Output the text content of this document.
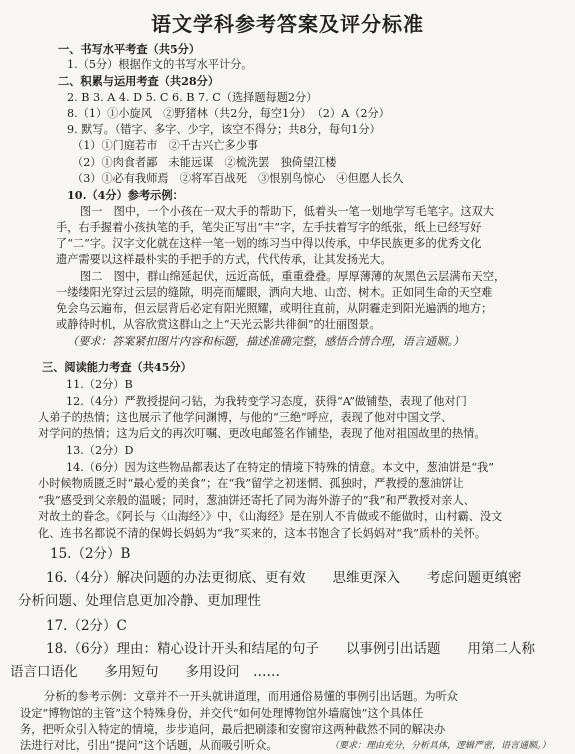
语文学科参考答案及评分标准
一、书写水平考查（共5分）
1.（5分）根据作文的书写水平计分。
二、积累与运用考查（共28分）
2. B 3. A 4. D 5. C 6. B 7. C（选择题每题2分）
8.（1）①小旋风　②野猪林（共2分，每空1分）　（2）A（2分）
9. 默写。（错字、多字、少字，该空不得分；共8分，每句1分）
（1）①门庭若市　②千古兴亡多少事
（2）①肉食者鄙　未能远谋　②梳洗罢　独倚望江楼
（3）①必有我师焉　②将军百战死　③恨别鸟惊心　④但愿人长久
10.（4分）参考示例：
图一　图中，一个小孩在一双大手的帮助下，低着头一笔一划地学写毛笔字。这双大
手，右手握着小孩执笔的手，笔尖正写出“丰”字，左手扶着写字的纸张，纸上已经写好
了“二”字。汉字文化就在这样一笔一划的练习当中得以传承，中华民族更多的优秀文化
遗产需要以这样最朴实的手把手的方式，代代传承，让其发扬光大。
图二　图中，群山绵延起伏，远近高低，重重叠叠。厚厚薄薄的灰黑色云层满布天空，
一缕缕阳光穿过云层的缝隙，明亮而耀眼，洒向大地、山峦、树木。正如同生命的天空难
免会乌云遍布，但云层背后必定有阳光照耀，或明往直前，从阴霾走到阳光遍洒的地方；
或静待时机，从容欣赏这群山之上“天光云影共徘徊”的壮丽图景。
（要求：答案紧扣图片内容和标题，描述准确完整，感悟合情合理，语言通顺。）
三、阅读能力考查（共45分）
11.（2分）B
12.（4分）严教授提问刁钻，为我转变学习态度，获得“A”做铺垫，表现了他对门
人弟子的热情；这也展示了他学问渊博，与他的“三绝”呼应，表现了他对中国文学、
对学问的热情；这为后文的再次叮嘱、更改电邮签名作铺垫，表现了他对祖国故里的热情。
13.（2分）D
14.（6分）因为这些物品都表达了在特定的情境下特殊的情意。本文中，葱油饼是“我”
小时候物质匮乏时“最心爱的美食”；在“我”留学之初迷惘、孤独时，严教授的葱油饼让
“我”感受到父亲般的温暖；同时，葱油饼还寄托了同为海外游子的“我”和严教授对亲人、
对故土的眷念。《阿长与〈山海经〉》中，《山海经》是在别人不肯做或不能做时，山村霸、没文
化、连书名都说不清的保姆长妈妈为“我”买来的，这本书饱含了长妈妈对“我”质朴的关怀。
15.（2分）B
16.（4分）解决问题的办法更彻底、更有效　　思维更深入　　考虑问题更缜密
分析问题、处理信息更加冷静、更加理性
17.（2分）C
18.（6分）理由：精心设计开头和结尾的句子　　以事例引出话题　　用第二人称
语言口语化　　多用短句　　多用设问　……
分析的参考示例：文章并不一开头就讲道理，而用通俗易懂的事例引出话题。为听众
设定“博物馆的主管”这个特殊身份，并交代“如何处理博物馆外墙腐蚀”这个具体任
务，把听众引入特定的情境，步步追问，最后把刷漆和安窗帘这两种截然不同的解决办
法进行对比，引出“提问”这个话题，从而吸引听众。	（要求：理由充分，分析具体，逻辑严密，语言通顺。）
